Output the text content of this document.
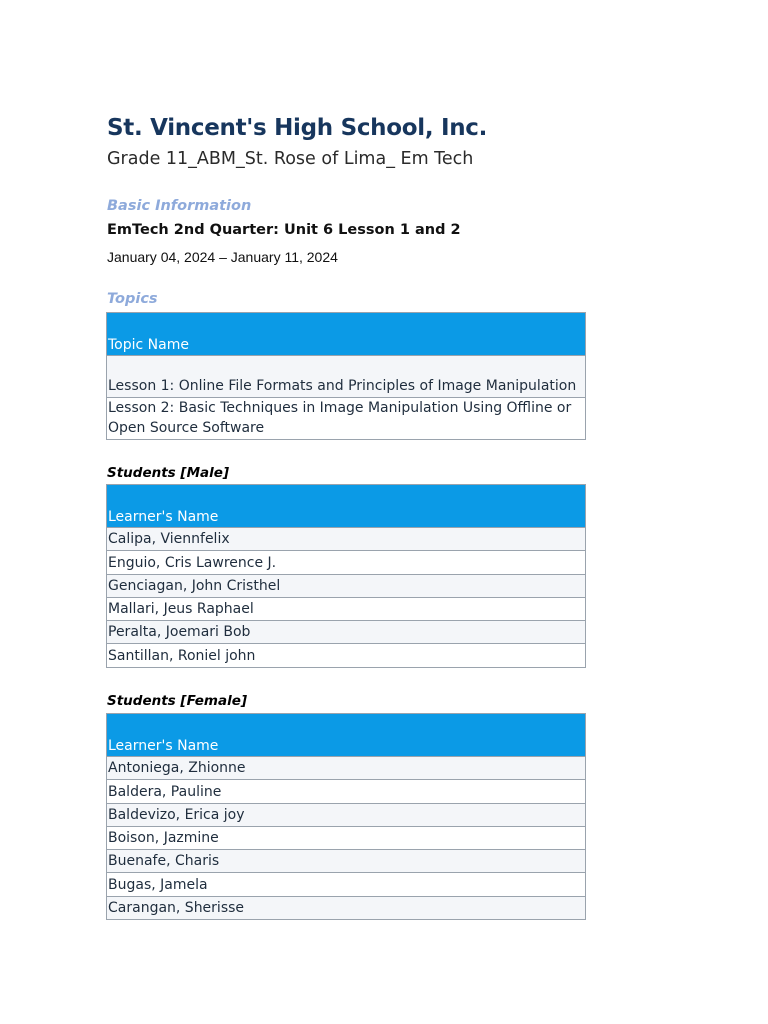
St. Vincent's High School, Inc.
Grade 11_ABM_St. Rose of Lima_ Em Tech
Basic Information
EmTech 2nd Quarter: Unit 6 Lesson 1 and 2
January 04, 2024 – January 11, 2024
Topics
Topic Name
Lesson 1: Online File Formats and Principles of Image Manipulation
Lesson 2: Basic Techniques in Image Manipulation Using Offline or Open Source Software
Students [Male]
Learner's Name
Calipa, Viennfelix
Enguio, Cris Lawrence J.
Genciagan, John Cristhel
Mallari, Jeus Raphael
Peralta, Joemari Bob
Santillan, Roniel john
Students [Female]
Learner's Name
Antoniega, Zhionne
Baldera, Pauline
Baldevizo, Erica joy
Boison, Jazmine
Buenafe, Charis
Bugas, Jamela
Carangan, Sherisse
